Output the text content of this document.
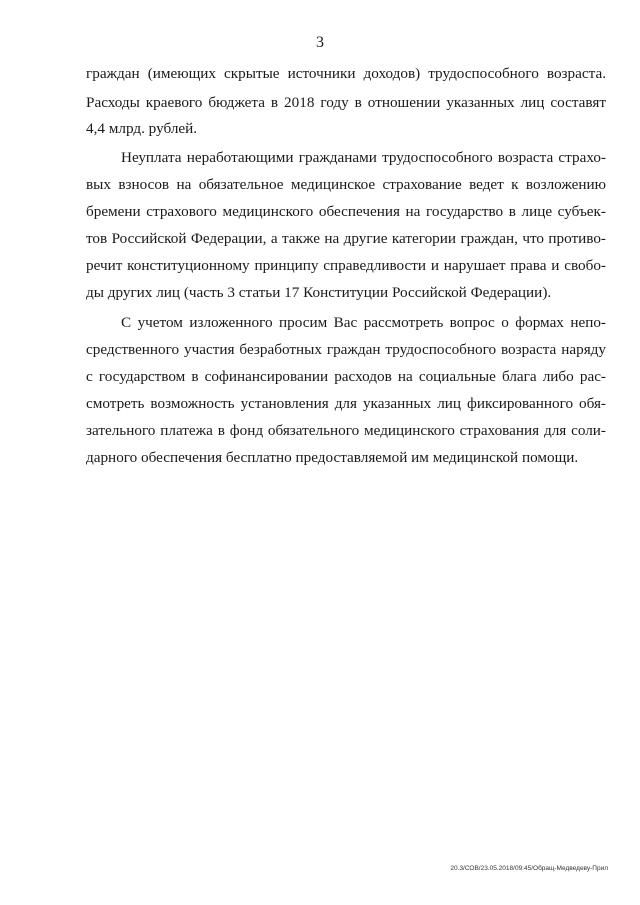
3
граждан (имеющих скрытые источники доходов) трудоспособного возраста.
Расходы краевого бюджета в 2018 году в отношении указанных лиц составят
4,4 млрд. рублей.
Неуплата неработающими гражданами трудоспособного возраста страхо-
вых взносов на обязательное медицинское страхование ведет к возложению
бремени страхового медицинского обеспечения на государство в лице субъек-
тов Российской Федерации, а также на другие категории граждан, что противо-
речит конституционному принципу справедливости и нарушает права и свобо-
ды других лиц (часть 3 статьи 17 Конституции Российской Федерации).
С учетом изложенного просим Вас рассмотреть вопрос о формах непо-
средственного участия безработных граждан трудоспособного возраста наряду
с государством в софинансировании расходов на социальные блага либо рас-
смотреть возможность установления для указанных лиц фиксированного обя-
зательного платежа в фонд обязательного медицинского страхования для соли-
дарного обеспечения бесплатно предоставляемой им медицинской помощи.
20.3/СОВ/23.05.2018/09:45/Обращ-Медведеву-Прил
